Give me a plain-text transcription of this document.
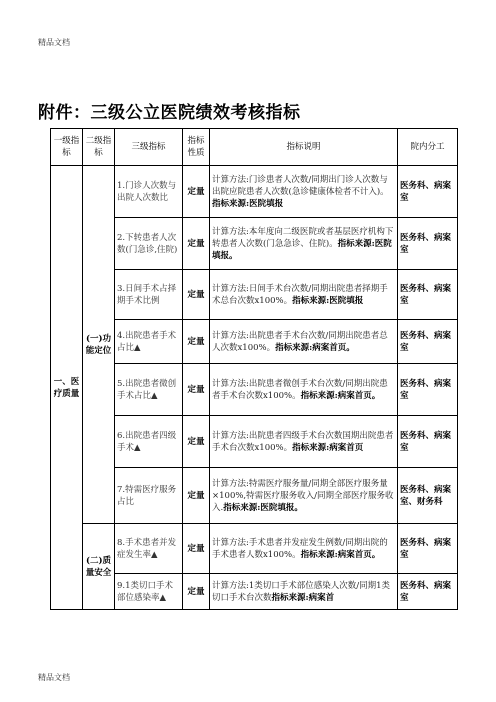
精品文档
附件：三级公立医院绩效考核指标
一级指标	二级指标	三级指标	指标性质	指标说明	院内分工
一、医疗质量	(一)功能定位	1.门诊人次数与出院人次数比	定量	计算方法:门诊患者人次数/同期出门诊人次数与出院应院患者人次数(急诊健康体检者不计入)。指标来源:医院填报	医务科、病案室
		2.下转患者人次数(门急诊,住院)	定量	计算方法:本年度向二级医院或者基层医疗机构下转患者人次数(门急急诊、住院)。指标来源:医院填报。	医务科、病案室
		3.日间手术占择期手术比例	定量	计算方法:日间手术台次数/同期出院患者择期手术总台次数x100%。指标来源:医院填报	医务科、病案室
		4.出院患者手术占比▲	定量	计算方法:出院患者手术台次数/同期出院患者总人次数x100%。指标来源:病案首页。	医务科、病案室
		5.出院患者微创手术占比▲	定量	计算方法:出院患者微创手术台次数/同期出院患者手术台次数x100%。指标来源:病案首页。	医务科、病案室
		6.出院患者四级手术▲	定量	计算方法:出院患者四级手术台次数国期出院患者手术台次数x100%。指标来源:病案首页	医务科、病案室
		7.特需医疗服务占比	定量	计算方法:特需医疗服务量/同期全部医疗服务量×100%,特需医疗服务收入/同期全部医疗服务收入.指标来源:医院填报。	医务科、病案室、财务科
	(二)质量安全	8.手术患者并发症发生率▲	定量	计算方法:手术患者并发症发生例数/同期出院的手术患者人数x100%。指标来源:病案首页。	医务科、病案室
		9.1类切口手术部位感染率▲	定量	计算方法:1类切口手术部位感染人次数/同期1类切口手术台次数指标来源:病案首	医务科、病案室
精品文档
